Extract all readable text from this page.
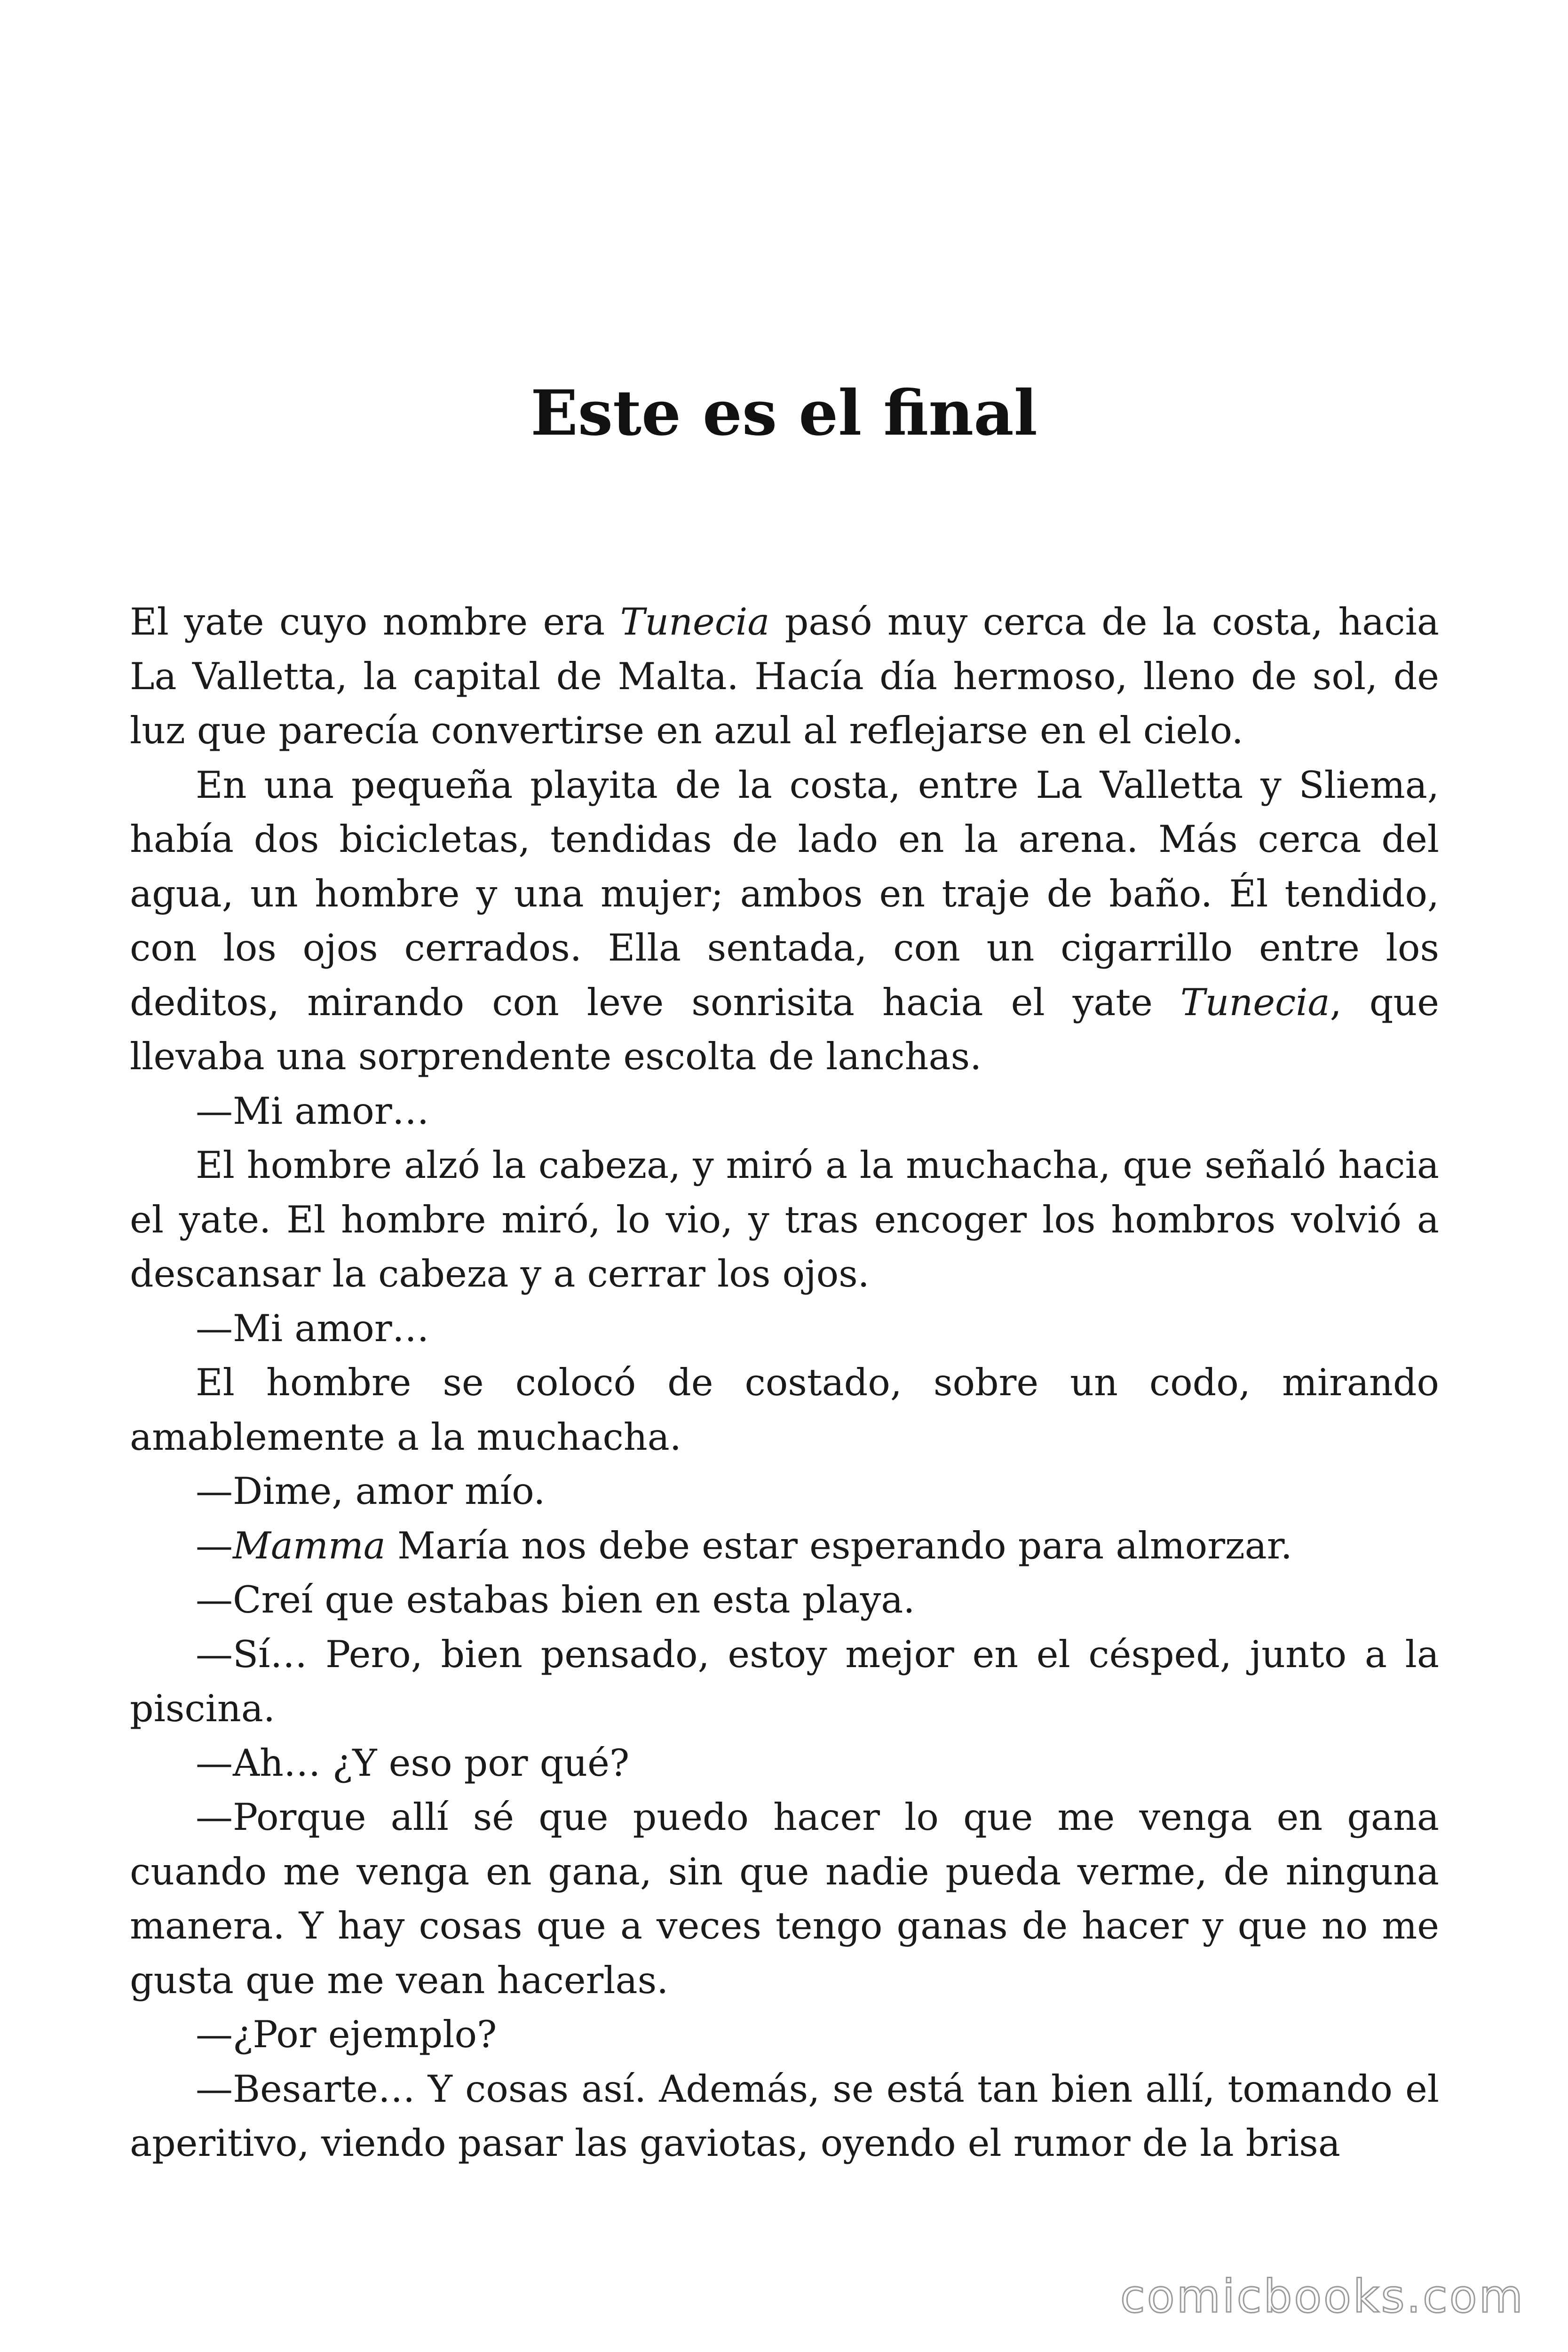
Este es el final

El yate cuyo nombre era Tunecia pasó muy cerca de la costa, hacia La Valletta, la capital de Malta. Hacía día hermoso, lleno de sol, de luz que parecía convertirse en azul al reflejarse en el cielo.

En una pequeña playita de la costa, entre La Valletta y Sliema, había dos bicicletas, tendidas de lado en la arena. Más cerca del agua, un hombre y una mujer; ambos en traje de baño. Él tendido, con los ojos cerrados. Ella sentada, con un cigarrillo entre los deditos, mirando con leve sonrisita hacia el yate Tunecia, que llevaba una sorprendente escolta de lanchas.

—Mi amor…

El hombre alzó la cabeza, y miró a la muchacha, que señaló hacia el yate. El hombre miró, lo vio, y tras encoger los hombros volvió a descansar la cabeza y a cerrar los ojos.

—Mi amor…

El hombre se colocó de costado, sobre un codo, mirando amablemente a la muchacha.

—Dime, amor mío.

—Mamma María nos debe estar esperando para almorzar.

—Creí que estabas bien en esta playa.

—Sí… Pero, bien pensado, estoy mejor en el césped, junto a la piscina.

—Ah… ¿Y eso por qué?

—Porque allí sé que puedo hacer lo que me venga en gana cuando me venga en gana, sin que nadie pueda verme, de ninguna manera. Y hay cosas que a veces tengo ganas de hacer y que no me gusta que me vean hacerlas.

—¿Por ejemplo?

—Besarte… Y cosas así. Además, se está tan bien allí, tomando el aperitivo, viendo pasar las gaviotas, oyendo el rumor de la brisa

comicbooks.com
